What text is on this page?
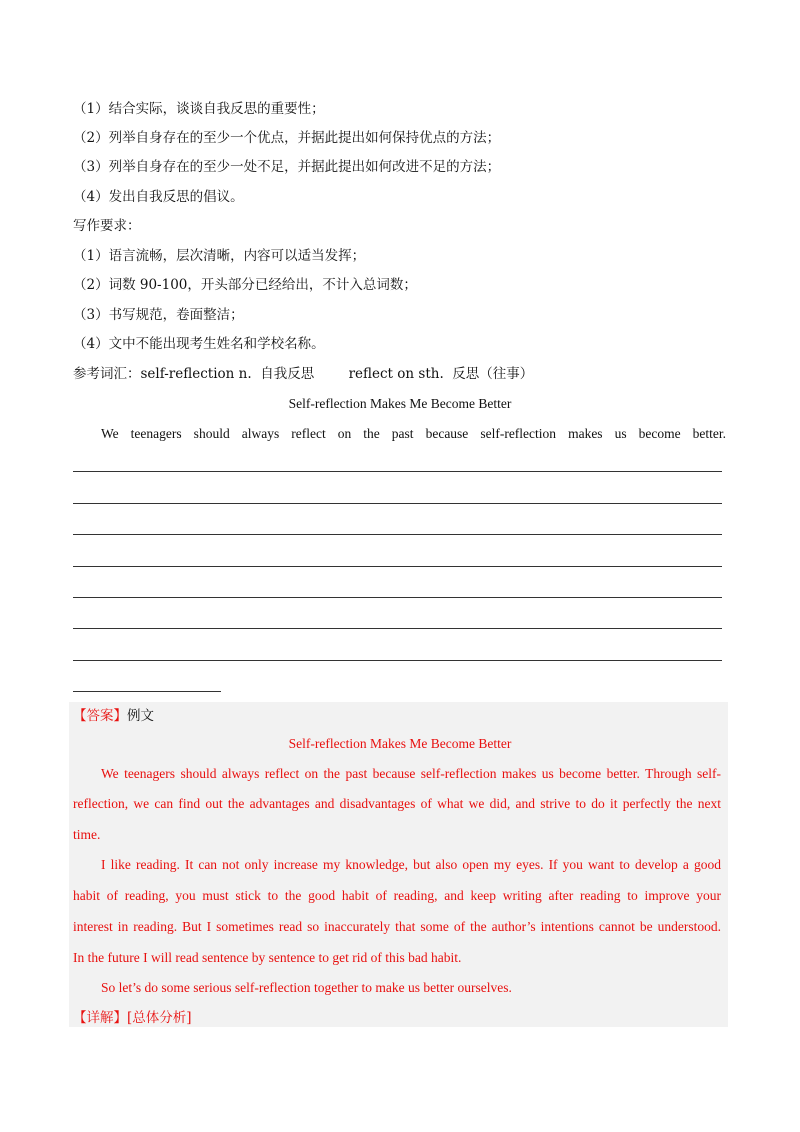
（1）结合实际，谈谈自我反思的重要性；
（2）列举自身存在的至少一个优点，并据此提出如何保持优点的方法；
（3）列举自身存在的至少一处不足，并据此提出如何改进不足的方法；
（4）发出自我反思的倡议。
写作要求：
（1）语言流畅，层次清晰，内容可以适当发挥；
（2）词数 90-100，开头部分已经给出，不计入总词数；
（3）书写规范，卷面整洁；
（4）文中不能出现考生姓名和学校名称。
参考词汇：self-reflection n.  自我反思        reflect on sth.  反思（往事）
Self-reflection Makes Me Become Better
We teenagers should always reflect on the past because self-reflection makes us become better.
【答案】例文
Self-reflection Makes Me Become Better
We teenagers should always reflect on the past because self-reflection makes us become better. Through self-
reflection, we can find out the advantages and disadvantages of what we did, and strive to do it perfectly the next
time.
I like reading. It can not only increase my knowledge, but also open my eyes. If you want to develop a good
habit of reading, you must stick to the good habit of reading, and keep writing after reading to improve your
interest in reading. But I sometimes read so inaccurately that some of the author’s intentions cannot be understood.
In the future I will read sentence by sentence to get rid of this bad habit.
So let’s do some serious self-reflection together to make us better ourselves.
【详解】[总体分析]
